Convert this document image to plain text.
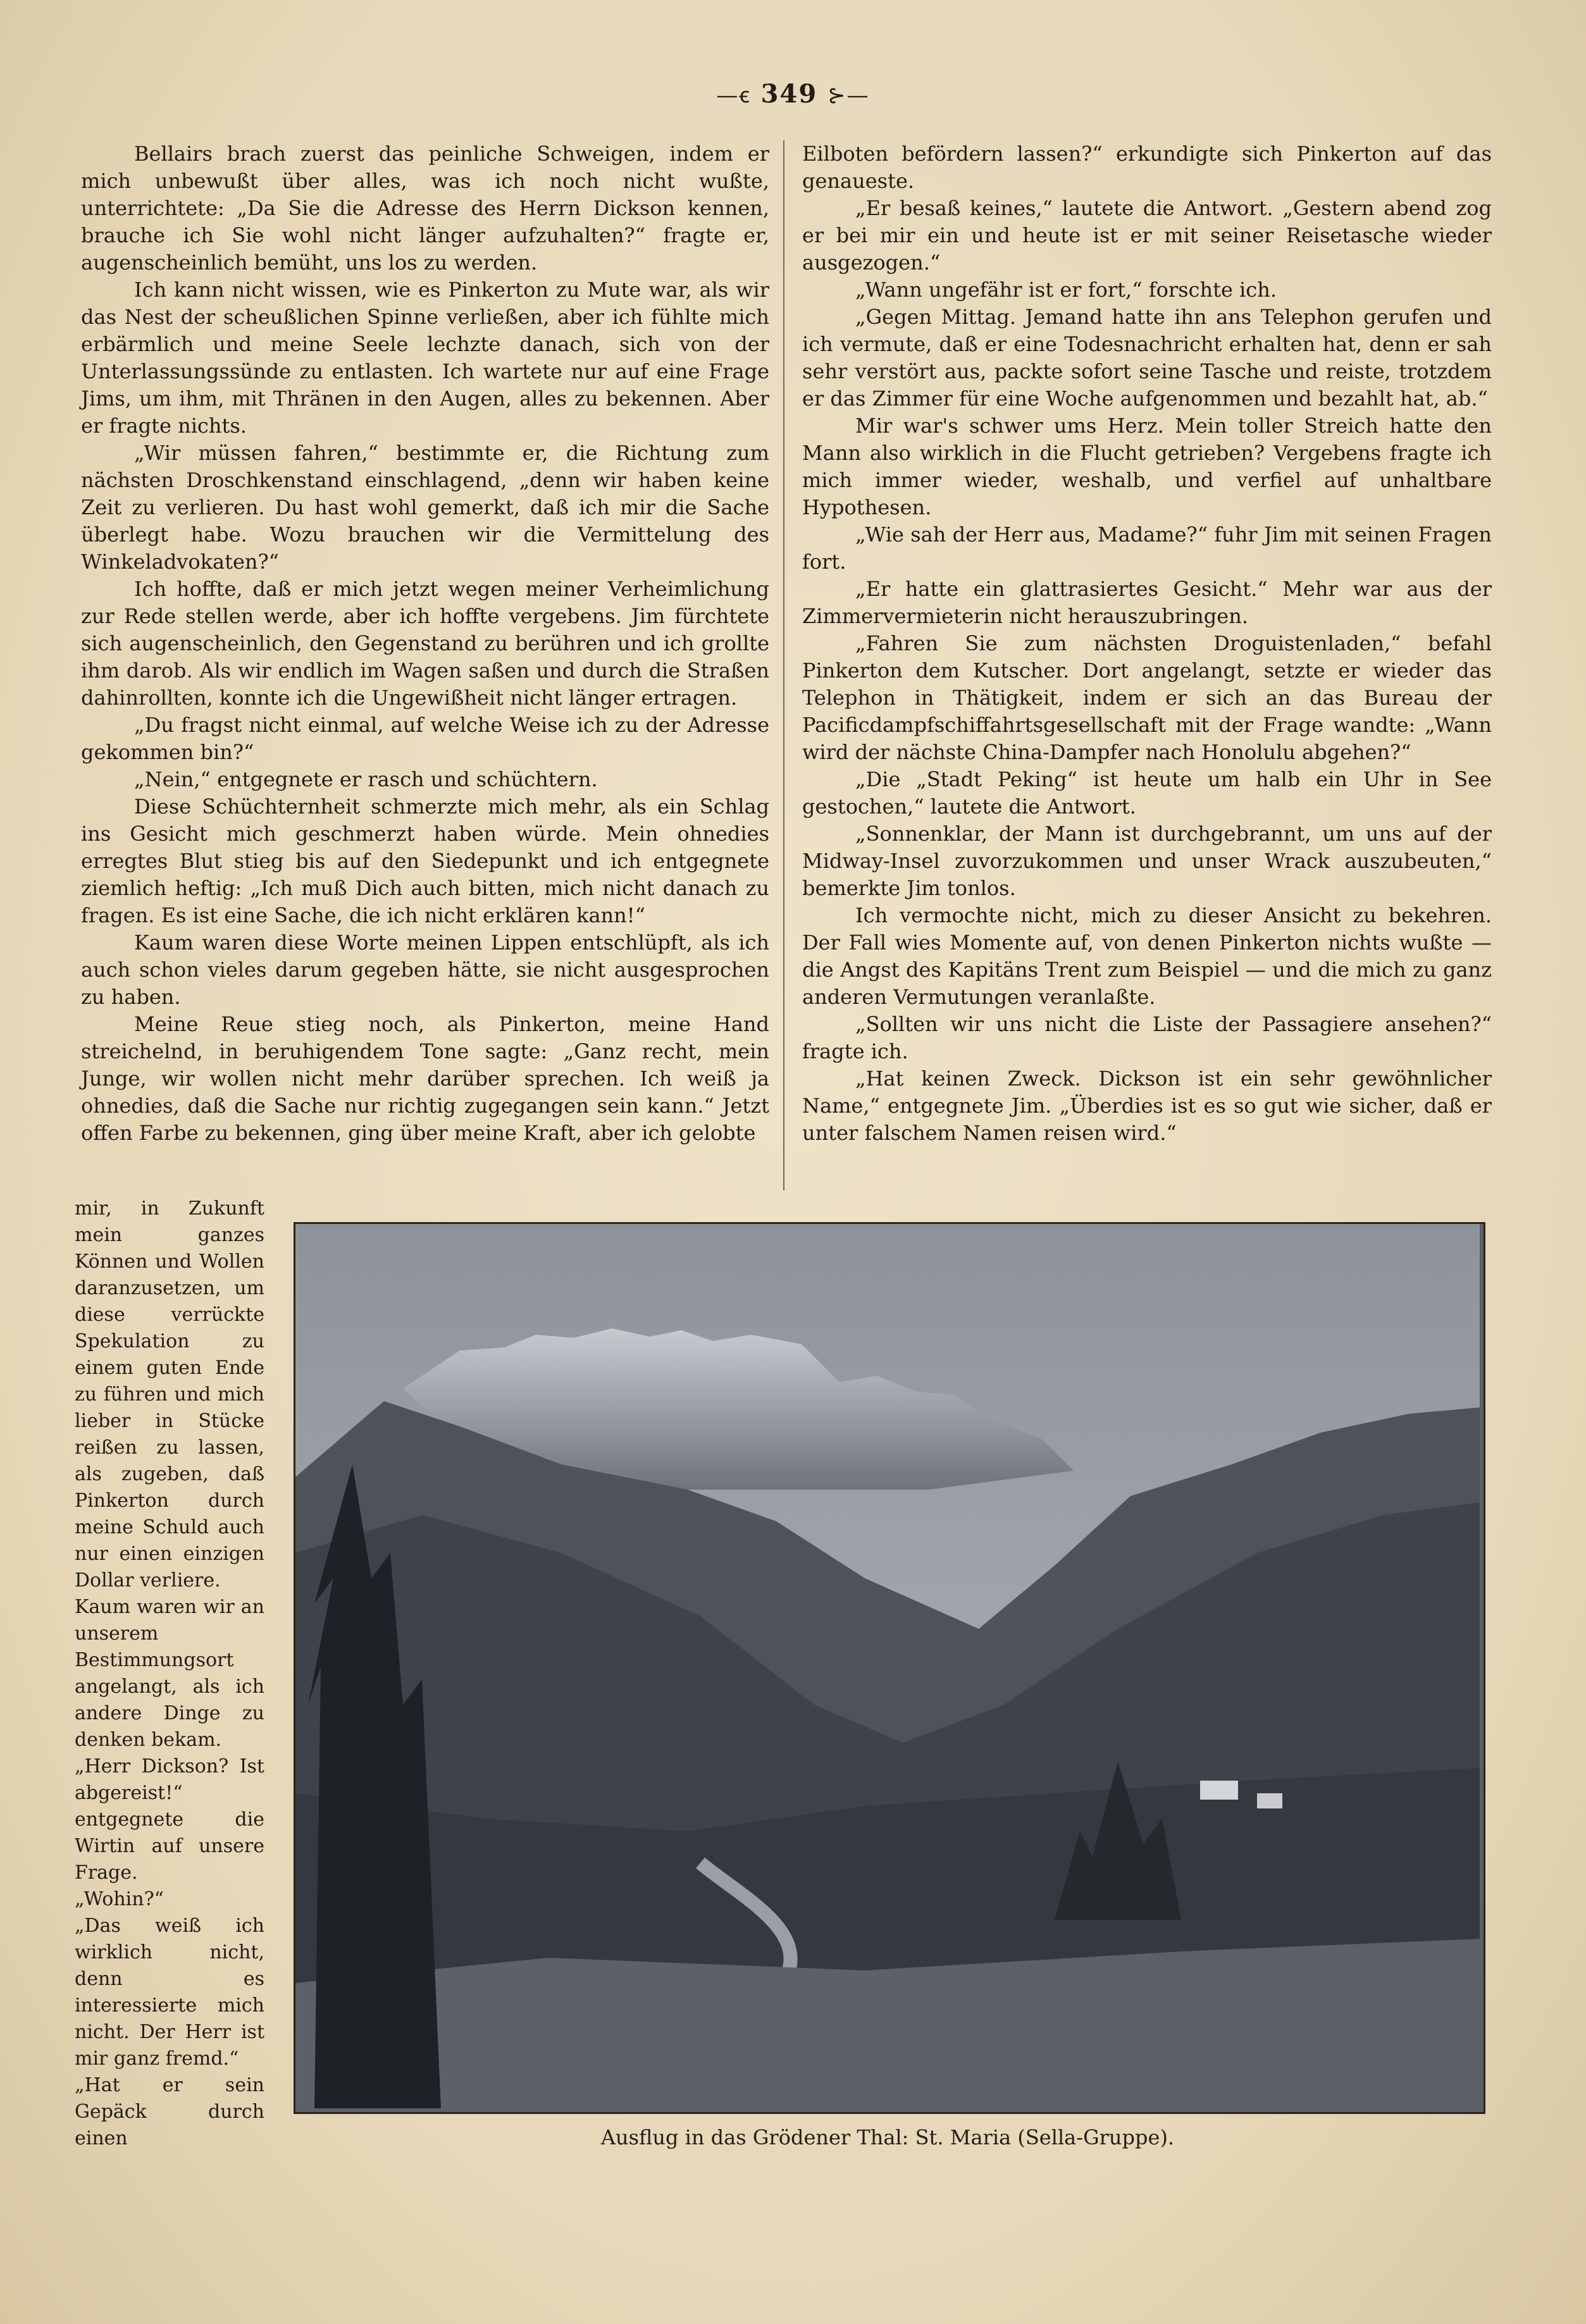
—ꞓ 349 ⊱—

Bellairs brach zuerst das peinliche Schweigen, indem er mich unbewußt über alles, was ich noch nicht wußte, unterrichtete: „Da Sie die Adresse des Herrn Dickson kennen, brauche ich Sie wohl nicht länger aufzuhalten?“ fragte er, augenscheinlich bemüht, uns los zu werden.

Ich kann nicht wissen, wie es Pinkerton zu Mute war, als wir das Nest der scheußlichen Spinne verließen, aber ich fühlte mich erbärmlich und meine Seele lechzte danach, sich von der Unterlassungssünde zu entlasten. Ich wartete nur auf eine Frage Jims, um ihm, mit Thränen in den Augen, alles zu bekennen. Aber er fragte nichts.

„Wir müssen fahren,“ bestimmte er, die Richtung zum nächsten Droschkenstand einschlagend, „denn wir haben keine Zeit zu verlieren. Du hast wohl gemerkt, daß ich mir die Sache überlegt habe. Wozu brauchen wir die Vermittelung des Winkeladvokaten?“

Ich hoffte, daß er mich jetzt wegen meiner Verheimlichung zur Rede stellen werde, aber ich hoffte vergebens. Jim fürchtete sich augenscheinlich, den Gegenstand zu berühren und ich grollte ihm darob. Als wir endlich im Wagen saßen und durch die Straßen dahinrollten, konnte ich die Ungewißheit nicht länger ertragen.

„Du fragst nicht einmal, auf welche Weise ich zu der Adresse gekommen bin?“

„Nein,“ entgegnete er rasch und schüchtern.

Diese Schüchternheit schmerzte mich mehr, als ein Schlag ins Gesicht mich geschmerzt haben würde. Mein ohnedies erregtes Blut stieg bis auf den Siedepunkt und ich entgegnete ziemlich heftig: „Ich muß Dich auch bitten, mich nicht danach zu fragen. Es ist eine Sache, die ich nicht erklären kann!“

Kaum waren diese Worte meinen Lippen entschlüpft, als ich auch schon vieles darum gegeben hätte, sie nicht ausgesprochen zu haben.

Meine Reue stieg noch, als Pinkerton, meine Hand streichelnd, in beruhigendem Tone sagte: „Ganz recht, mein Junge, wir wollen nicht mehr darüber sprechen. Ich weiß ja ohnedies, daß die Sache nur richtig zugegangen sein kann.“ Jetzt offen Farbe zu bekennen, ging über meine Kraft, aber ich gelobte

Eilboten befördern lassen?“ erkundigte sich Pinkerton auf das genaueste.

„Er besaß keines,“ lautete die Antwort. „Gestern abend zog er bei mir ein und heute ist er mit seiner Reisetasche wieder ausgezogen.“

„Wann ungefähr ist er fort,“ forschte ich.

„Gegen Mittag. Jemand hatte ihn ans Telephon gerufen und ich vermute, daß er eine Todesnachricht erhalten hat, denn er sah sehr verstört aus, packte sofort seine Tasche und reiste, trotzdem er das Zimmer für eine Woche aufgenommen und bezahlt hat, ab.“

Mir war's schwer ums Herz. Mein toller Streich hatte den Mann also wirklich in die Flucht getrieben? Vergebens fragte ich mich immer wieder, weshalb, und verfiel auf unhaltbare Hypothesen.

„Wie sah der Herr aus, Madame?“ fuhr Jim mit seinen Fragen fort.

„Er hatte ein glattrasiertes Gesicht.“ Mehr war aus der Zimmervermieterin nicht herauszubringen.

„Fahren Sie zum nächsten Droguistenladen,“ befahl Pinkerton dem Kutscher. Dort angelangt, setzte er wieder das Telephon in Thätigkeit, indem er sich an das Bureau der Pacificdampfschiffahrtsgesellschaft mit der Frage wandte: „Wann wird der nächste China-Dampfer nach Honolulu abgehen?“

„Die „Stadt Peking“ ist heute um halb ein Uhr in See gestochen,“ lautete die Antwort.

„Sonnenklar, der Mann ist durchgebrannt, um uns auf der Midway-Insel zuvorzukommen und unser Wrack auszubeuten,“ bemerkte Jim tonlos.

Ich vermochte nicht, mich zu dieser Ansicht zu bekehren. Der Fall wies Momente auf, von denen Pinkerton nichts wußte — die Angst des Kapitäns Trent zum Beispiel — und die mich zu ganz anderen Vermutungen veranlaßte.

„Sollten wir uns nicht die Liste der Passagiere ansehen?“ fragte ich.

„Hat keinen Zweck. Dickson ist ein sehr gewöhnlicher Name,“ entgegnete Jim. „Überdies ist es so gut wie sicher, daß er unter falschem Namen reisen wird.“

mir, in Zukunft mein ganzes Können und Wollen daranzusetzen, um diese verrückte Spekulation zu einem guten Ende zu führen und mich lieber in Stücke reißen zu lassen, als zugeben, daß Pinkerton durch meine Schuld auch nur einen einzigen Dollar verliere.

Kaum waren wir an unserem Bestimmungsort angelangt, als ich andere Dinge zu denken bekam.

„Herr Dickson? Ist abgereist!“ entgegnete die Wirtin auf unsere Frage.

„Wohin?“

„Das weiß ich wirklich nicht, denn es interessierte mich nicht. Der Herr ist mir ganz fremd.“

„Hat er sein Gepäck durch einen	Ausflug in das Grödener Thal: St. Maria (Sella-Gruppe).
